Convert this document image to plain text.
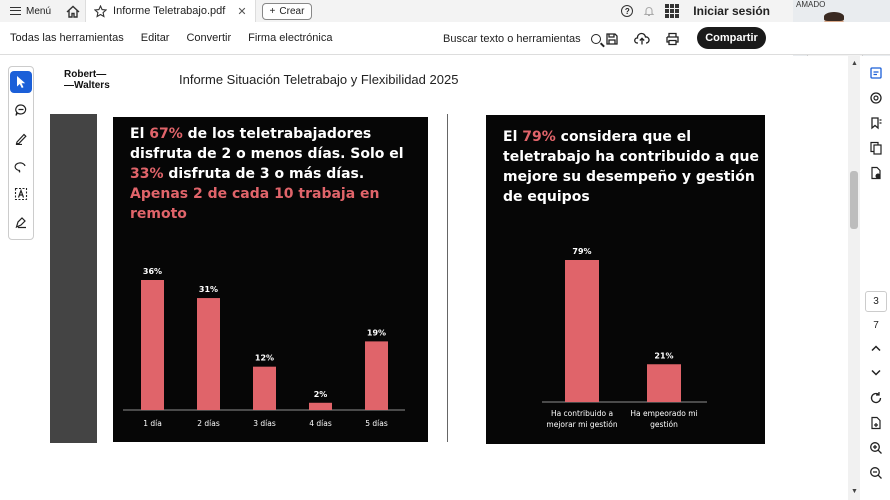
Menú	Informe Teletrabajo.pdf ✕ + Crear	?	Iniciar sesión	AMADO
Todas las herramientas Editar Convertir Firma electrónica	Buscar texto o herramientas	Compartir
Robert—
—Walters	Informe Situación Teletrabajo y Flexibilidad 2025
El 67% de los teletrabajadores disfruta de 2 o menos días. Solo el 33% disfruta de 3 o más días. Apenas 2 de cada 10 trabaja en remoto
36%
1 día
31%
2 días
12%
3 días
2%
4 días
19%
5 días
El 79% considera que el teletrabajo ha contribuido a que mejore su desempeño y gestión de equipos
79%
Ha contribuido a
mejorar mi gestión
21%
Ha empeorado mi
gestión
▲
▼
3
7
